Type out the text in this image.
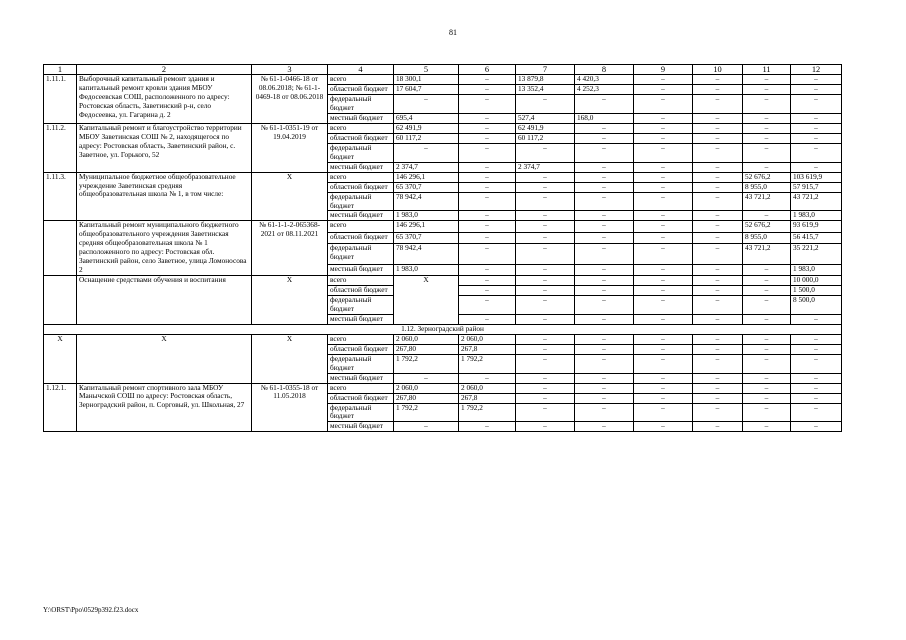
81
1	2	3	4	5	6	7	8	9	10	11	12
1.11.1.	Выборочный капитальный ремонт здания и капитальный ремонт кровли здания МБОУ Федосеевская СОШ, расположенного по адресу: Ростовская область, Заветинский р-н, село Федосеевка, ул. Гагарина д. 2	№ 61-1-0466-18 от 08.06.2018; № 61-1-0469-18 от 08.06.2018	всего	18 300,1	–	13 879,8	4 420,3	–	–	–	–
			областной бюджет	17 604,7	–	13 352,4	4 252,3	–	–	–	–
			федеральный бюджет	–	–	–	–	–	–	–	–
			местный бюджет	695,4	–	527,4	168,0	–	–	–	–
1.11.2.	Капитальный ремонт и благоустройство территории МБОУ Заветинская СОШ № 2, находящегося по адресу: Ростовская область, Заветинский район, с. Заветное, ул. Горького, 52	№ 61-1-0351-19 от 19.04.2019	всего	62 491,9	–	62 491,9	–	–	–	–	–
			областной бюджет	60 117,2	–	60 117,2	–	–	–	–	–
			федеральный бюджет	–	–	–	–	–	–	–	–
			местный бюджет	2 374,7	–	2 374,7	–	–	–	–	–
1.11.3.	Муниципальное бюджетное общеобразовательное учреждение Заветинская средняя общеобразовательная школа № 1, в том числе:	Х	всего	146 296,1	–	–	–	–	–	52 676,2	103 619,9
			областной бюджет	65 370,7	–	–	–	–	–	8 955,0	57 915,7
			федеральный бюджет	78 942,4	–	–	–	–	–	43 721,2	43 721,2
			местный бюджет	1 983,0	–	–	–	–	–	–	1 983,0
	Капитальный ремонт муниципального бюджетного общеобразовательного учреждения Заветинская средняя общеобразовательная школа № 1 расположенного по адресу: Ростовская обл. Заветинский район, село Заветное, улица Ломоносова 2	№ 61-1-1-2-065368-2021 от 08.11.2021	всего	146 296,1	–	–	–	–	–	52 676,2	93 619,9
			областной бюджет	65 370,7	–	–	–	–	–	8 955,0	56 415,7
			федеральный бюджет	78 942,4	–	–	–	–	–	43 721,2	35 221,2
			местный бюджет	1 983,0	–	–	–	–	–	–	1 983,0
	Оснащение средствами обучения и воспитания	Х	всего	Х	–	–	–	–	–	–	10 000,0
			областной бюджет		–	–	–	–	–	–	1 500,0
			федеральный бюджет		–	–	–	–	–	–	8 500,0
			местный бюджет		–	–	–	–	–	–	–
1.12. Зерноградский район											
Х	Х	Х	всего	2 060,0	2 060,0	–	–	–	–	–	–
			областной бюджет	267,80	267,8	–	–	–	–	–	–
			федеральный бюджет	1 792,2	1 792,2	–	–	–	–	–	–
			местный бюджет	–	–	–	–	–	–	–	–
1.12.1.	Капитальный ремонт спортивного зала МБОУ Манычской СОШ по адресу: Ростовская область, Зерноградский район, п. Сорговый, ул. Школьная, 27	№ 61-1-0355-18 от 11.05.2018	всего	2 060,0	2 060,0	–	–	–	–	–	–
			областной бюджет	267,80	267,8	–	–	–	–	–	–
			федеральный бюджет	1 792,2	1 792,2	–	–	–	–	–	–
			местный бюджет	–	–	–	–	–	–	–	–
Y:\ORST\Ppo\0529p392.f23.docx
